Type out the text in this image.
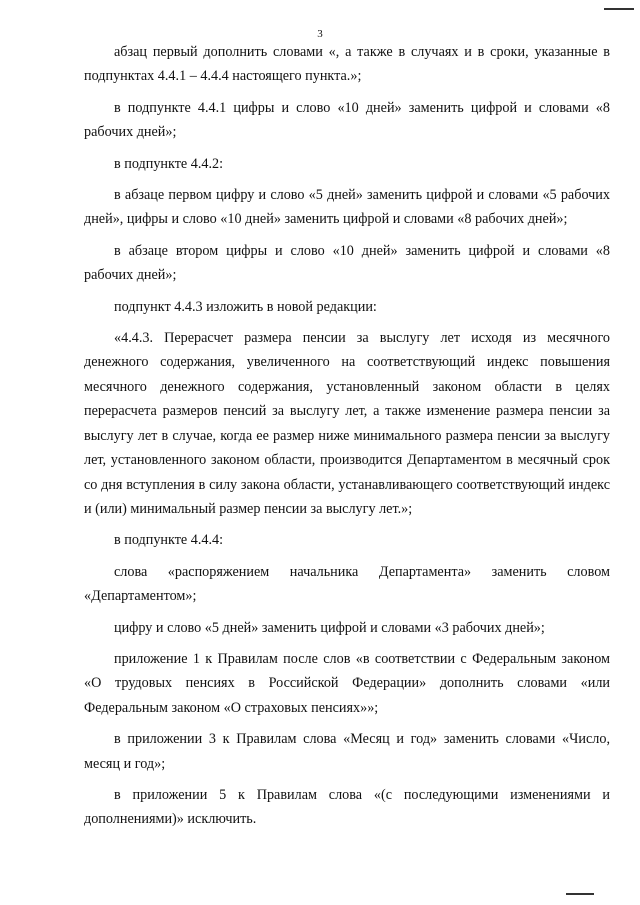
3

абзац первый дополнить словами «, а также в случаях и в сроки, указанные в подпунктах 4.4.1 – 4.4.4 настоящего пункта.»;

в подпункте 4.4.1 цифры и слово «10 дней» заменить цифрой и словами «8 рабочих дней»;

в подпункте 4.4.2:

в абзаце первом цифру и слово «5 дней» заменить цифрой и словами «5 рабочих дней», цифры и слово «10 дней» заменить цифрой и словами «8 рабочих дней»;

в абзаце втором цифры и слово «10 дней» заменить цифрой и словами «8 рабочих дней»;

подпункт 4.4.3 изложить в новой редакции:

«4.4.3. Перерасчет размера пенсии за выслугу лет исходя из месячного денежного содержания, увеличенного на соответствующий индекс повышения месячного денежного содержания, установленный законом области в целях перерасчета размеров пенсий за выслугу лет, а также изменение размера пенсии за выслугу лет в случае, когда ее размер ниже минимального размера пенсии за выслугу лет, установленного законом области, производится Департаментом в месячный срок со дня вступления в силу закона области, устанавливающего соответствующий индекс и (или) минимальный размер пенсии за выслугу лет.»;

в подпункте 4.4.4:

слова «распоряжением начальника Департамента» заменить словом «Департаментом»;

цифру и слово «5 дней» заменить цифрой и словами «3 рабочих дней»;

приложение 1 к Правилам после слов «в соответствии с Федеральным законом «О трудовых пенсиях в Российской Федерации» дополнить словами «или Федеральным законом «О страховых пенсиях»»;

в приложении 3 к Правилам слова «Месяц и год» заменить словами «Число, месяц и год»;

в приложении 5 к Правилам слова «(с последующими изменениями и дополнениями)» исключить.
